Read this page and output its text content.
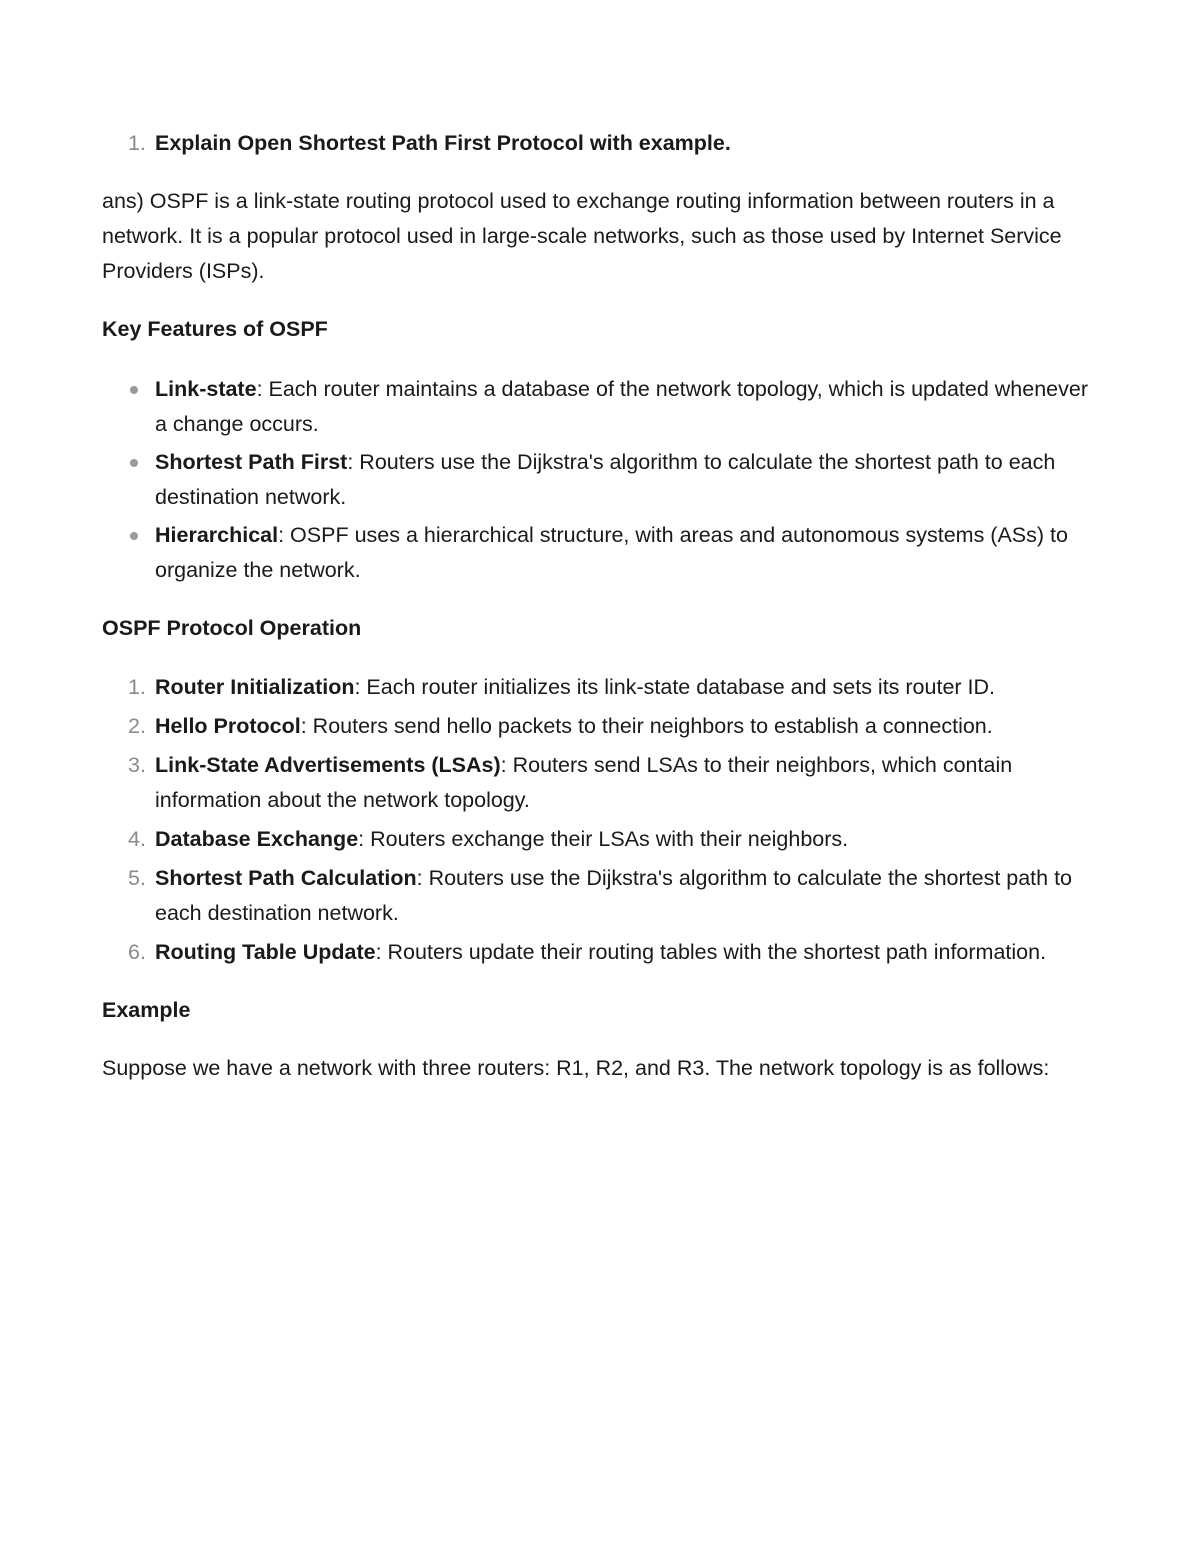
1. Explain Open Shortest Path First Protocol with example.

ans) OSPF is a link-state routing protocol used to exchange routing information between routers in a network. It is a popular protocol used in large-scale networks, such as those used by Internet Service Providers (ISPs).

Key Features of OSPF

Link-state: Each router maintains a database of the network topology, which is updated whenever a change occurs.
Shortest Path First: Routers use the Dijkstra's algorithm to calculate the shortest path to each destination network.
Hierarchical: OSPF uses a hierarchical structure, with areas and autonomous systems (ASs) to organize the network.

OSPF Protocol Operation

1. Router Initialization: Each router initializes its link-state database and sets its router ID.
2. Hello Protocol: Routers send hello packets to their neighbors to establish a connection.
3. Link-State Advertisements (LSAs): Routers send LSAs to their neighbors, which contain information about the network topology.
4. Database Exchange: Routers exchange their LSAs with their neighbors.
5. Shortest Path Calculation: Routers use the Dijkstra's algorithm to calculate the shortest path to each destination network.
6. Routing Table Update: Routers update their routing tables with the shortest path information.

Example

Suppose we have a network with three routers: R1, R2, and R3. The network topology is as follows:
